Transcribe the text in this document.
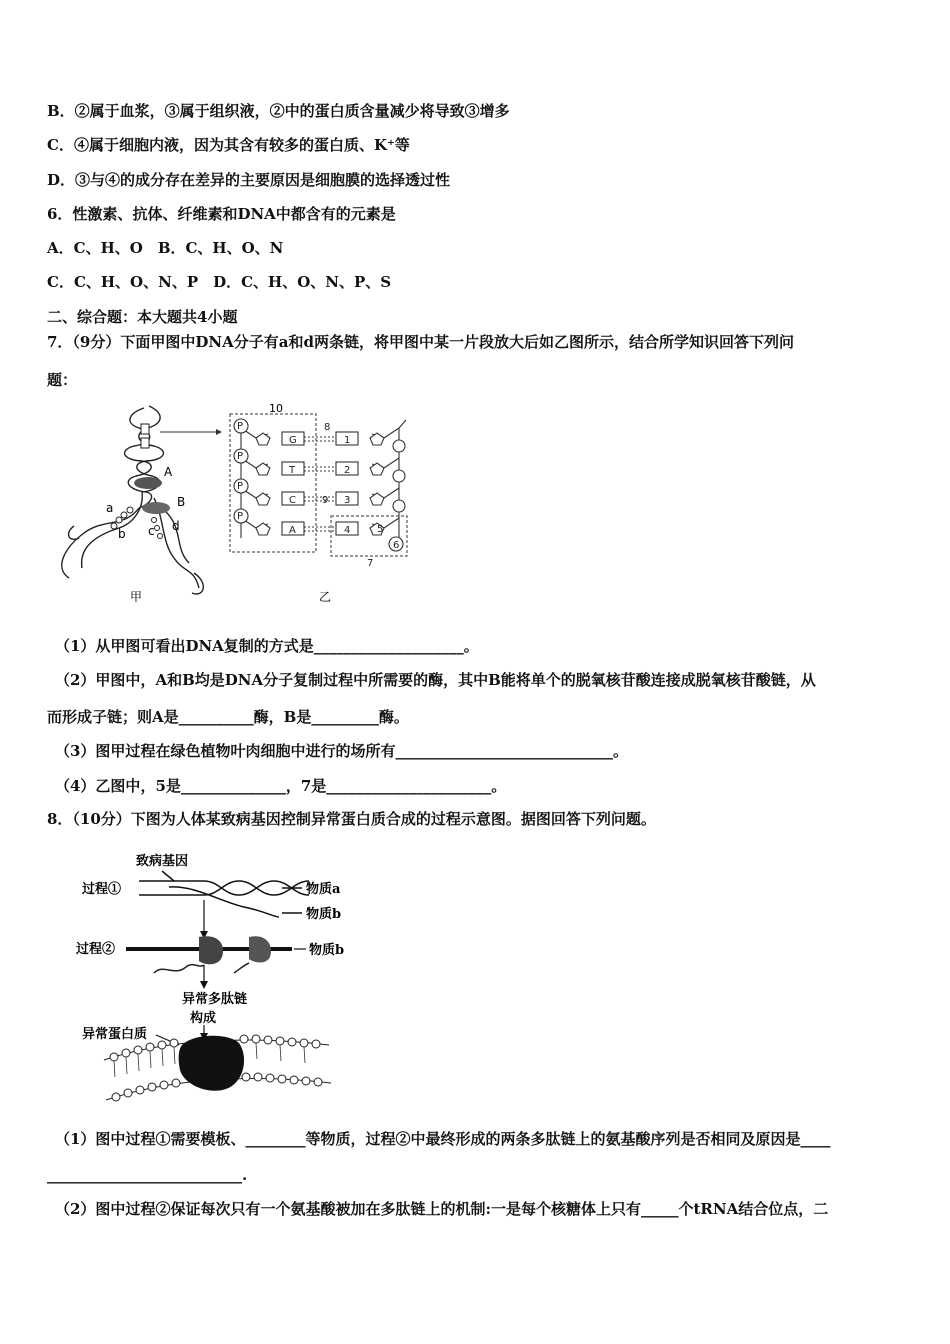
B．②属于血浆，③属于组织液，②中的蛋白质含量减少将导致③增多
C．④属于细胞内液，因为其含有较多的蛋白质、K⁺等
D．③与④的成分存在差异的主要原因是细胞膜的选择透过性
6．性激素、抗体、纤维素和DNA中都含有的元素是
A．C、H、O　B．C、H、O、N
C．C、H、O、N、P　D．C、H、O、N、P、S
二、综合题：本大题共4小题
7．（9分）下面甲图中DNA分子有a和d两条链，将甲图中某一片段放大后如乙图所示，结合所学知识回答下列问
题：
A
B
a
b c d
甲
10
P
P
P
P
G
T
C
A
1
2
3
4	5
6
7
8
9
乙
（1）从甲图可看出DNA复制的方式是____________________。
（2）甲图中，A和B均是DNA分子复制过程中所需要的酶，其中B能将单个的脱氧核苷酸连接成脱氧核苷酸链，从
而形成子链；则A是__________酶，B是_________酶。
（3）图甲过程在绿色植物叶肉细胞中进行的场所有_____________________________。
（4）乙图中，5是______________，7是______________________。
8．（10分）下图为人体某致病基因控制异常蛋白质合成的过程示意图。据图回答下列问题。
致病基因
过程①	物质a
物质b
过程②	物质b
异常多肽链
构成
异常蛋白质
（1）图中过程①需要模板、________等物质，过程②中最终形成的两条多肽链上的氨基酸序列是否相同及原因是____
__________________________.
（2）图中过程②保证每次只有一个氨基酸被加在多肽链上的机制:一是每个核糖体上只有_____个tRNA结合位点，二
